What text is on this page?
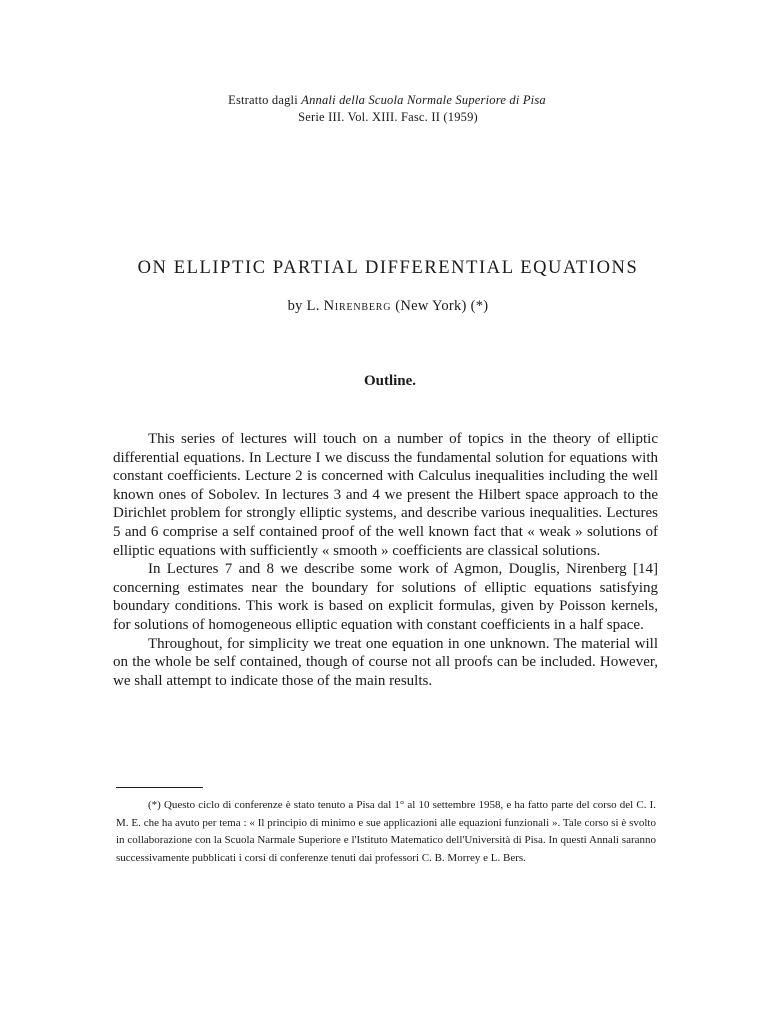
Estratto dagli Annali della Scuola Normale Superiore di Pisa
Serie III. Vol. XIII. Fasc. II (1959)
ON ELLIPTIC PARTIAL DIFFERENTIAL EQUATIONS
by L. Nirenberg (New York) (*)
Outline.

This series of lectures will touch on a number of topics in the theory of elliptic differential equations. In Lecture I we discuss the fundamental solution for equations with constant coefficients. Lecture 2 is concerned with Calculus inequalities including the well known ones of Sobolev. In lectures 3 and 4 we present the Hilbert space approach to the Dirichlet problem for strongly elliptic systems, and describe various inequalities. Lectures 5 and 6 comprise a self contained proof of the well known fact that « weak » solutions of elliptic equations with sufficiently « smooth » coefficients are classical solutions.

In Lectures 7 and 8 we describe some work of Agmon, Douglis, Nirenberg [14] concerning estimates near the boundary for solutions of elliptic equations satisfying boundary conditions. This work is based on explicit formulas, given by Poisson kernels, for solutions of homogeneous elliptic equation with constant coefficients in a half space.

Throughout, for simplicity we treat one equation in one unknown. The material will on the whole be self contained, though of course not all proofs can be included. However, we shall attempt to indicate those of the main results.

(*) Questo ciclo di conferenze è stato tenuto a Pisa dal 1° al 10 settembre 1958, e ha fatto parte del corso del C. I. M. E. che ha avuto per tema : « Il principio di minimo e sue applicazioni alle equazioni funzionali ». Tale corso si è svolto in collaborazione con la Scuola Narmale Superiore e l'Istituto Matematico dell'Università di Pisa. In questi Annali saranno successivamente pubblicati i corsi di conferenze tenuti dai professori C. B. Morrey e L. Bers.
